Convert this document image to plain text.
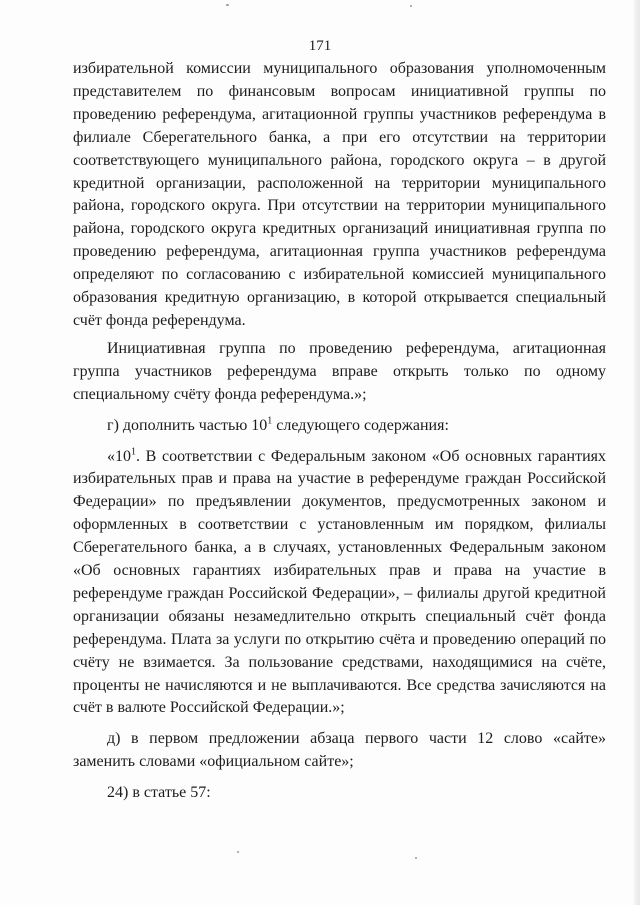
171

избирательной комиссии муниципального образования уполномоченным представителем по финансовым вопросам инициативной группы по проведению референдума, агитационной группы участников референдума в филиале Сберегательного банка, а при его отсутствии на территории соответствующего муниципального района, городского округа – в другой кредитной организации, расположенной на территории муниципального района, городского округа. При отсутствии на территории муниципального района, городского округа кредитных организаций инициативная группа по проведению референдума, агитационная группа участников референдума определяют по согласованию с избирательной комиссией муниципального образования кредитную организацию, в которой открывается специальный счёт фонда референдума.

Инициативная группа по проведению референдума, агитационная группа участников референдума вправе открыть только по одному специальному счёту фонда референдума.»;

г) дополнить частью $10^1$ следующего содержания:

«$10^1$. В соответствии с Федеральным законом «Об основных гарантиях избирательных прав и права на участие в референдуме граждан Российской Федерации» по предъявлении документов, предусмотренных законом и оформленных в соответствии с установленным им порядком, филиалы Сберегательного банка, а в случаях, установленных Федеральным законом «Об основных гарантиях избирательных прав и права на участие в референдуме граждан Российской Федерации», – филиалы другой кредитной организации обязаны незамедлительно открыть специальный счёт фонда референдума. Плата за услуги по открытию счёта и проведению операций по счёту не взимается. За пользование средствами, находящимися на счёте, проценты не начисляются и не выплачиваются. Все средства зачисляются на счёт в валюте Российской Федерации.»;

д) в первом предложении абзаца первого части 12 слово «сайте» заменить словами «официальном сайте»;

24) в статье 57:
